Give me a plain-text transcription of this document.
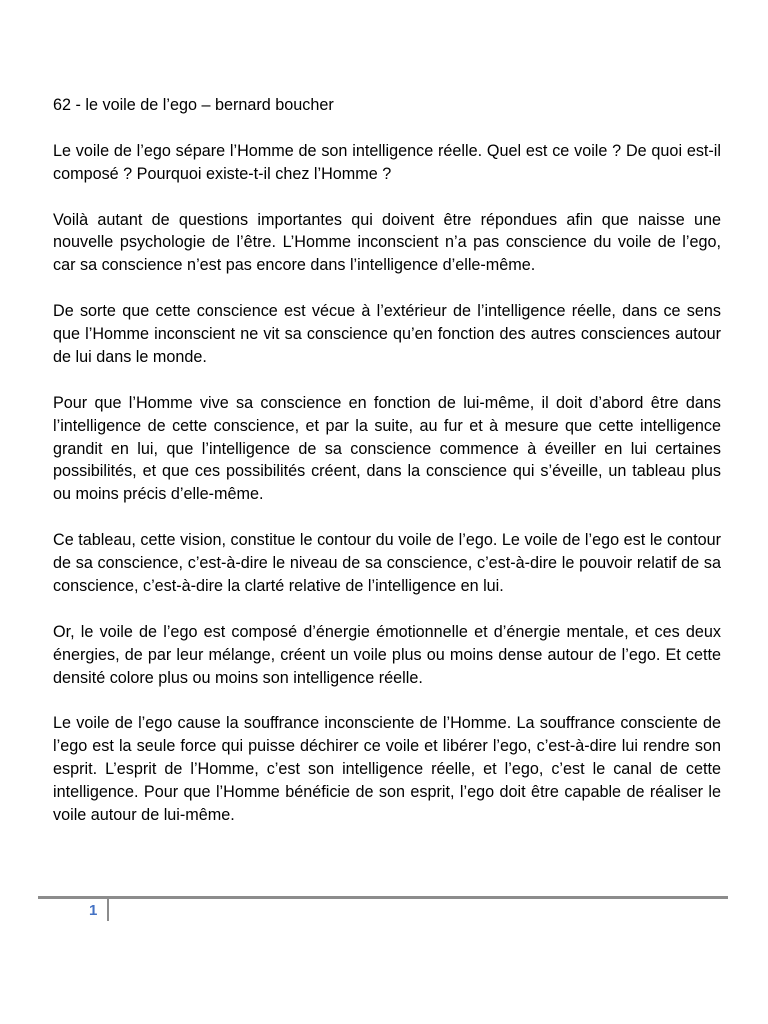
62 - le voile de l’ego – bernard boucher

Le voile de l’ego sépare l’Homme de son intelligence réelle. Quel est ce voile ? De quoi est-il composé ? Pourquoi existe-t-il chez l’Homme ?

Voilà autant de questions importantes qui doivent être répondues afin que naisse une nouvelle psychologie de l’être. L’Homme inconscient n’a pas conscience du voile de l’ego, car sa conscience n’est pas encore dans l’intelligence d’elle-même.

De sorte que cette conscience est vécue à l’extérieur de l’intelligence réelle, dans ce sens que l’Homme inconscient ne vit sa conscience qu’en fonction des autres consciences autour de lui dans le monde.

Pour que l’Homme vive sa conscience en fonction de lui-même, il doit d’abord être dans l’intelligence de cette conscience, et par la suite, au fur et à mesure que cette intelligence grandit en lui, que l’intelligence de sa conscience commence à éveiller en lui certaines possibilités, et que ces possibilités créent, dans la conscience qui s’éveille, un tableau plus ou moins précis d’elle-même.

Ce tableau, cette vision, constitue le contour du voile de l’ego. Le voile de l’ego est le contour de sa conscience, c’est-à-dire le niveau de sa conscience, c’est-à-dire le pouvoir relatif de sa conscience, c’est-à-dire la clarté relative de l’intelligence en lui.

Or, le voile de l’ego est composé d’énergie émotionnelle et d’énergie mentale, et ces deux énergies, de par leur mélange, créent un voile plus ou moins dense autour de l’ego. Et cette densité colore plus ou moins son intelligence réelle.

Le voile de l’ego cause la souffrance inconsciente de l’Homme. La souffrance consciente de l’ego est la seule force qui puisse déchirer ce voile et libérer l’ego, c’est-à-dire lui rendre son esprit. L’esprit de l’Homme, c’est son intelligence réelle, et l’ego, c’est le canal de cette intelligence. Pour que l’Homme bénéficie de son esprit, l’ego doit être capable de réaliser le voile autour de lui-même.

1
